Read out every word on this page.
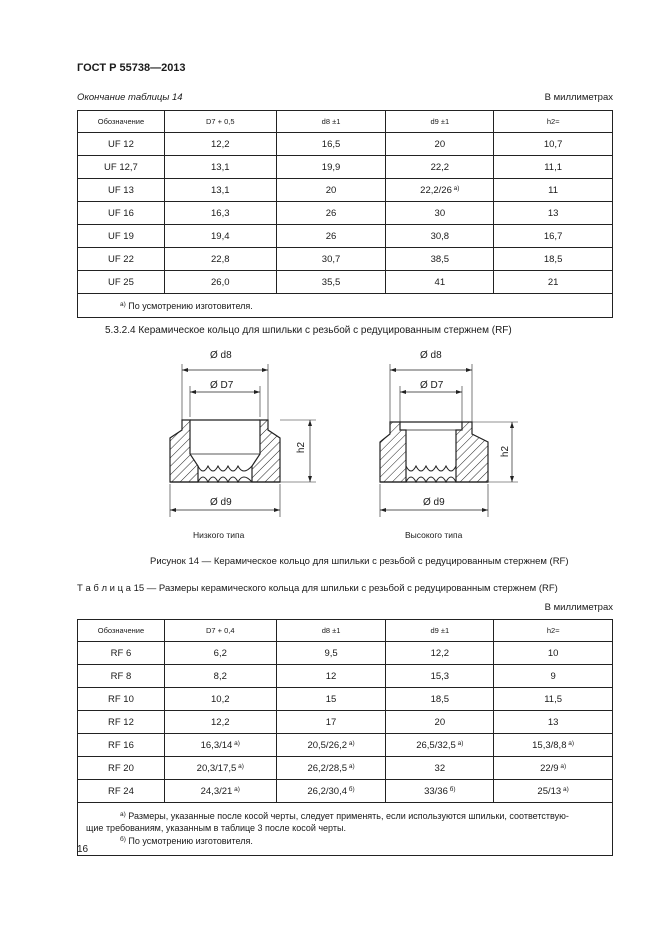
ГОСТ Р 55738—2013
Окончание таблицы 14	В миллиметрах
Обозначение	D7 + 0,5	d8 ±1	d9 ±1	h2≈
UF 12	12,2	16,5	20	10,7
UF 12,7	13,1	19,9	22,2	11,1
UF 13	13,1	20	22,2/26 $^{a)}$	11
UF 16	16,3	26	30	13
UF 19	19,4	26	30,8	16,7
UF 22	22,8	30,7	38,5	18,5
UF 25	26,0	35,5	41	21
$^{a)}$ По усмотрению изготовителя.				
5.3.2.4 Керамическое кольцо для шпильки с резьбой с редуцированным стержнем (RF)
Ø d8
Ø D7
Ø d9
h2
Ø d8
Ø D7
Ø d9
h2
Низкого типа	Высокого типа
Рисунок 14 — Керамическое кольцо для шпильки с резьбой с редуцированным стержнем (RF)
Т а б л и ц а 15 — Размеры керамического кольца для шпильки с резьбой с редуцированным стержнем (RF)
В миллиметрах
Обозначение	D7 + 0,4	d8 ±1	d9 ±1	h2≈
RF 6	6,2	9,5	12,2	10
RF 8	8,2	12	15,3	9
RF 10	10,2	15	18,5	11,5
RF 12	12,2	17	20	13
RF 16	16,3/14 $^{a)}$	20,5/26,2 $^{a)}$	26,5/32,5 $^{a)}$	15,3/8,8 $^{a)}$
RF 20	20,3/17,5 $^{a)}$	26,2/28,5 $^{a)}$	32	22/9 $^{a)}$
RF 24	24,3/21 $^{a)}$	26,2/30,4 $^{б)}$	33/36 $^{б)}$	25/13 $^{a)}$

$^{a)}$ Размеры, указанные после косой черты, следует применять, если используются шпильки, соответствую-
щие требованиям, указанным в таблице 3 после косой черты.
$^{б)}$ По усмотрению изготовителя.				
16
